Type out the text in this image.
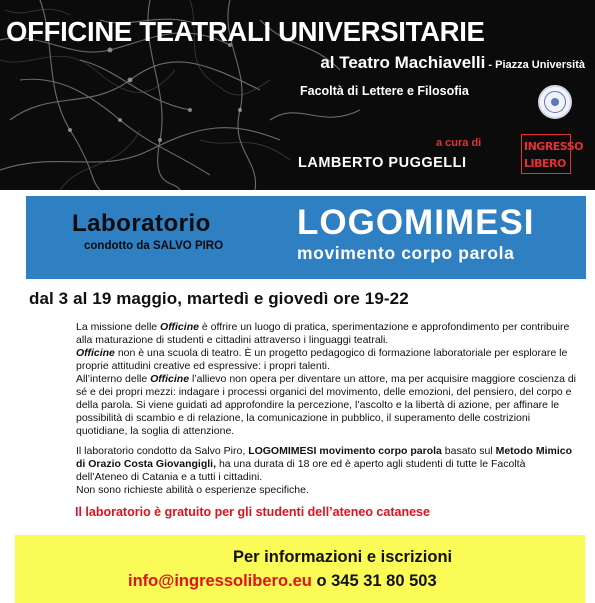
OFFICINE TEATRALI UNIVERSITARIE
al Teatro Machiavelli - Piazza Università
Facoltà di Lettere e Filosofia
a cura di
LAMBERTO PUGGELLI
INGRESSO
LIBERO
Laboratorio
condotto da SALVO PIRO
LOGOMIMESI
movimento corpo parola
dal 3 al 19 maggio, martedì e giovedì ore 19-22

La missione delle Officine è offrire un luogo di pratica, sperimentazione e approfondimento per contribuire alla maturazione di studenti e cittadini attraverso i linguaggi teatrali.

Officine non è una scuola di teatro. È un progetto pedagogico di formazione laboratoriale per esplorare le proprie attitudini creative ed espressive: i propri talenti.

All’interno delle Officine l’allievo non opera per diventare un attore, ma per acquisire maggiore coscienza di sé e dei propri mezzi: indagare i processi organici del movimento, delle emozioni, del pensiero, del corpo e della parola. Si viene guidati ad approfondire la percezione, l’ascolto e la libertà di azione, per affinare le possibilità di scambio e di relazione, la comunicazione in pubblico, il superamento delle costrizioni quotidiane, la soglia di attenzione.

Il laboratorio condotto da Salvo Piro, LOGOMIMESI movimento corpo parola basato sul Metodo Mimico di Orazio Costa Giovangigli, ha una durata di 18 ore ed è aperto agli studenti di tutte le Facoltà dell’Ateneo di Catania e a tutti i cittadini.

Non sono richieste abilità o esperienze specifiche.

Il laboratorio è gratuito per gli studenti dell’ateneo catanese
Per informazioni e iscrizioni
info@ingressolibero.eu o 345 31 80 503
